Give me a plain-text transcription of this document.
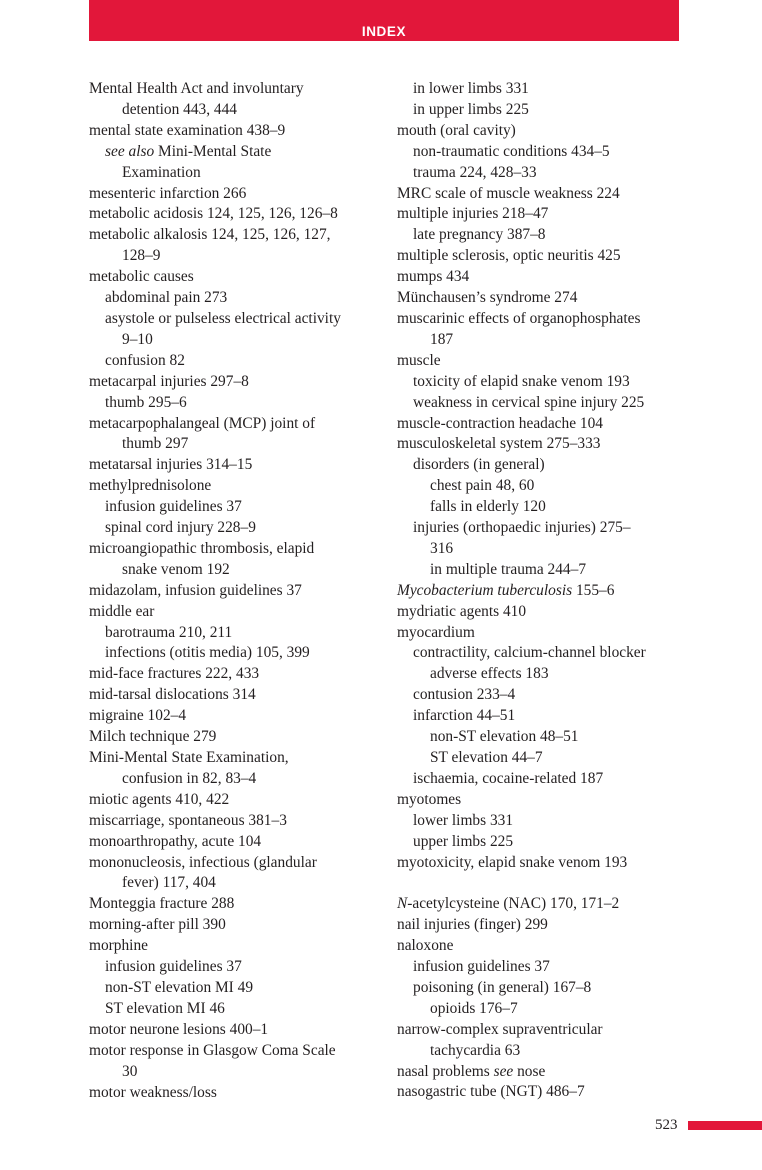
INDEX
Mental Health Act and involuntary
detention 443, 444
mental state examination 438–9
see also Mini-Mental State
Examination
mesenteric infarction 266
metabolic acidosis 124, 125, 126, 126–8
metabolic alkalosis 124, 125, 126, 127,
128–9
metabolic causes
abdominal pain 273
asystole or pulseless electrical activity
9–10
confusion 82
metacarpal injuries 297–8
thumb 295–6
metacarpophalangeal (MCP) joint of
thumb 297
metatarsal injuries 314–15
methylprednisolone
infusion guidelines 37
spinal cord injury 228–9
microangiopathic thrombosis, elapid
snake venom 192
midazolam, infusion guidelines 37
middle ear
barotrauma 210, 211
infections (otitis media) 105, 399
mid-face fractures 222, 433
mid-tarsal dislocations 314
migraine 102–4
Milch technique 279
Mini-Mental State Examination,
confusion in 82, 83–4
miotic agents 410, 422
miscarriage, spontaneous 381–3
monoarthropathy, acute 104
mononucleosis, infectious (glandular
fever) 117, 404
Monteggia fracture 288
morning-after pill 390
morphine
infusion guidelines 37
non-ST elevation MI 49
ST elevation MI 46
motor neurone lesions 400–1
motor response in Glasgow Coma Scale
30
motor weakness/loss
in lower limbs 331
in upper limbs 225
mouth (oral cavity)
non-traumatic conditions 434–5
trauma 224, 428–33
MRC scale of muscle weakness 224
multiple injuries 218–47
late pregnancy 387–8
multiple sclerosis, optic neuritis 425
mumps 434
Münchausen’s syndrome 274
muscarinic effects of organophosphates
187
muscle
toxicity of elapid snake venom 193
weakness in cervical spine injury 225
muscle-contraction headache 104
musculoskeletal system 275–333
disorders (in general)
chest pain 48, 60
falls in elderly 120
injuries (orthopaedic injuries) 275–
316
in multiple trauma 244–7
Mycobacterium tuberculosis 155–6
mydriatic agents 410
myocardium
contractility, calcium-channel blocker
adverse effects 183
contusion 233–4
infarction 44–51
non-ST elevation 48–51
ST elevation 44–7
ischaemia, cocaine-related 187
myotomes
lower limbs 331
upper limbs 225
myotoxicity, elapid snake venom 193
N-acetylcysteine (NAC) 170, 171–2
nail injuries (finger) 299
naloxone
infusion guidelines 37
poisoning (in general) 167–8
opioids 176–7
narrow-complex supraventricular
tachycardia 63
nasal problems see nose
nasogastric tube (NGT) 486–7
523
